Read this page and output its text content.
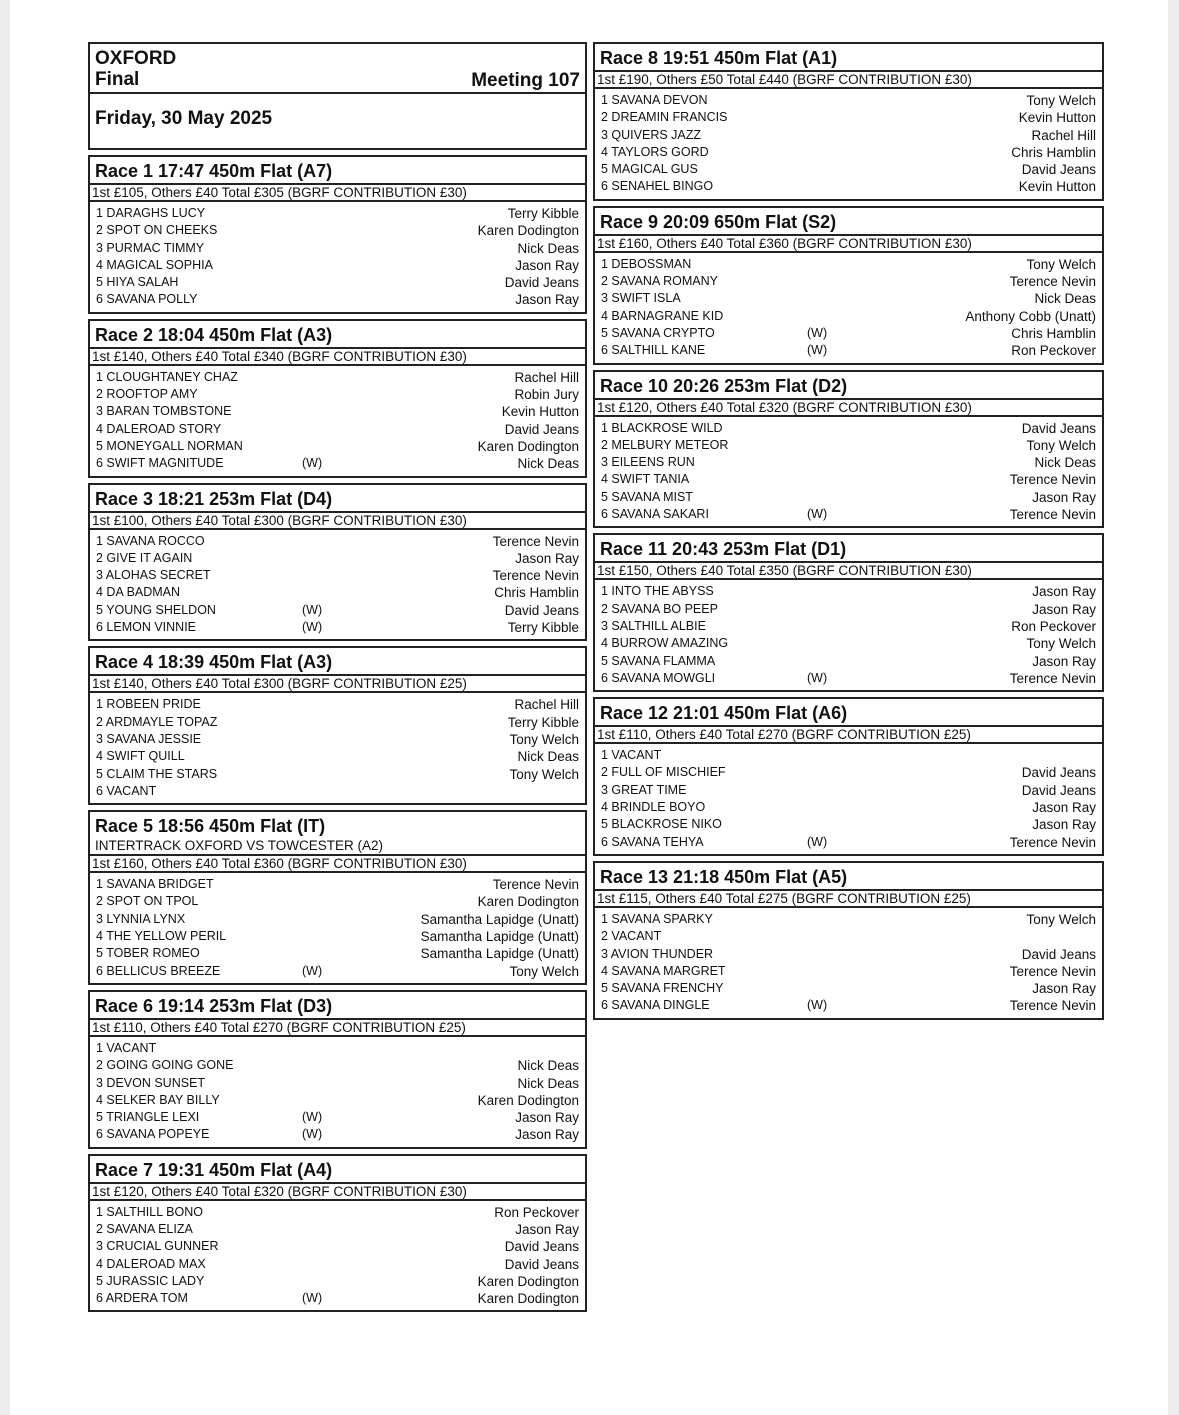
OXFORD
Final	Meeting 107
Friday, 30 May 2025
Race 1 17:47 450m Flat (A7)
1st £105, Others £40 Total £305 (BGRF CONTRIBUTION £30)
1 DARAGHS LUCY	Terry Kibble
2 SPOT ON CHEEKS	Karen Dodington
3 PURMAC TIMMY	Nick Deas
4 MAGICAL SOPHIA	Jason Ray
5 HIYA SALAH	David Jeans
6 SAVANA POLLY	Jason Ray
Race 2 18:04 450m Flat (A3)
1st £140, Others £40 Total £340 (BGRF CONTRIBUTION £30)
1 CLOUGHTANEY CHAZ	Rachel Hill
2 ROOFTOP AMY	Robin Jury
3 BARAN TOMBSTONE	Kevin Hutton
4 DALEROAD STORY	David Jeans
5 MONEYGALL NORMAN	Karen Dodington
6 SWIFT MAGNITUDE	(W)	Nick Deas
Race 3 18:21 253m Flat (D4)
1st £100, Others £40 Total £300 (BGRF CONTRIBUTION £30)
1 SAVANA ROCCO	Terence Nevin
2 GIVE IT AGAIN	Jason Ray
3 ALOHAS SECRET	Terence Nevin
4 DA BADMAN	Chris Hamblin
5 YOUNG SHELDON	(W)	David Jeans
6 LEMON VINNIE	(W)	Terry Kibble
Race 4 18:39 450m Flat (A3)
1st £140, Others £40 Total £300 (BGRF CONTRIBUTION £25)
1 ROBEEN PRIDE	Rachel Hill
2 ARDMAYLE TOPAZ	Terry Kibble
3 SAVANA JESSIE	Tony Welch
4 SWIFT QUILL	Nick Deas
5 CLAIM THE STARS	Tony Welch
6 VACANT
Race 5 18:56 450m Flat (IT)
INTERTRACK OXFORD VS TOWCESTER (A2)
1st £160, Others £40 Total £360 (BGRF CONTRIBUTION £30)
1 SAVANA BRIDGET	Terence Nevin
2 SPOT ON TPOL	Karen Dodington
3 LYNNIA LYNX	Samantha Lapidge (Unatt)
4 THE YELLOW PERIL	Samantha Lapidge (Unatt)
5 TOBER ROMEO	Samantha Lapidge (Unatt)
6 BELLICUS BREEZE	(W)	Tony Welch
Race 6 19:14 253m Flat (D3)
1st £110, Others £40 Total £270 (BGRF CONTRIBUTION £25)
1 VACANT
2 GOING GOING GONE	Nick Deas
3 DEVON SUNSET	Nick Deas
4 SELKER BAY BILLY	Karen Dodington
5 TRIANGLE LEXI	(W)	Jason Ray
6 SAVANA POPEYE	(W)	Jason Ray
Race 7 19:31 450m Flat (A4)
1st £120, Others £40 Total £320 (BGRF CONTRIBUTION £30)
1 SALTHILL BONO	Ron Peckover
2 SAVANA ELIZA	Jason Ray
3 CRUCIAL GUNNER	David Jeans
4 DALEROAD MAX	David Jeans
5 JURASSIC LADY	Karen Dodington
6 ARDERA TOM	(W)	Karen Dodington
Race 8 19:51 450m Flat (A1)
1st £190, Others £50 Total £440 (BGRF CONTRIBUTION £30)
1 SAVANA DEVON	Tony Welch
2 DREAMIN FRANCIS	Kevin Hutton
3 QUIVERS JAZZ	Rachel Hill
4 TAYLORS GORD	Chris Hamblin
5 MAGICAL GUS	David Jeans
6 SENAHEL BINGO	Kevin Hutton
Race 9 20:09 650m Flat (S2)
1st £160, Others £40 Total £360 (BGRF CONTRIBUTION £30)
1 DEBOSSMAN	Tony Welch
2 SAVANA ROMANY	Terence Nevin
3 SWIFT ISLA	Nick Deas
4 BARNAGRANE KID	Anthony Cobb (Unatt)
5 SAVANA CRYPTO	(W)	Chris Hamblin
6 SALTHILL KANE	(W)	Ron Peckover
Race 10 20:26 253m Flat (D2)
1st £120, Others £40 Total £320 (BGRF CONTRIBUTION £30)
1 BLACKROSE WILD	David Jeans
2 MELBURY METEOR	Tony Welch
3 EILEENS RUN	Nick Deas
4 SWIFT TANIA	Terence Nevin
5 SAVANA MIST	Jason Ray
6 SAVANA SAKARI	(W)	Terence Nevin
Race 11 20:43 253m Flat (D1)
1st £150, Others £40 Total £350 (BGRF CONTRIBUTION £30)
1 INTO THE ABYSS	Jason Ray
2 SAVANA BO PEEP	Jason Ray
3 SALTHILL ALBIE	Ron Peckover
4 BURROW AMAZING	Tony Welch
5 SAVANA FLAMMA	Jason Ray
6 SAVANA MOWGLI	(W)	Terence Nevin
Race 12 21:01 450m Flat (A6)
1st £110, Others £40 Total £270 (BGRF CONTRIBUTION £25)
1 VACANT
2 FULL OF MISCHIEF	David Jeans
3 GREAT TIME	David Jeans
4 BRINDLE BOYO	Jason Ray
5 BLACKROSE NIKO	Jason Ray
6 SAVANA TEHYA	(W)	Terence Nevin
Race 13 21:18 450m Flat (A5)
1st £115, Others £40 Total £275 (BGRF CONTRIBUTION £25)
1 SAVANA SPARKY	Tony Welch
2 VACANT
3 AVION THUNDER	David Jeans
4 SAVANA MARGRET	Terence Nevin
5 SAVANA FRENCHY	Jason Ray
6 SAVANA DINGLE	(W)	Terence Nevin
